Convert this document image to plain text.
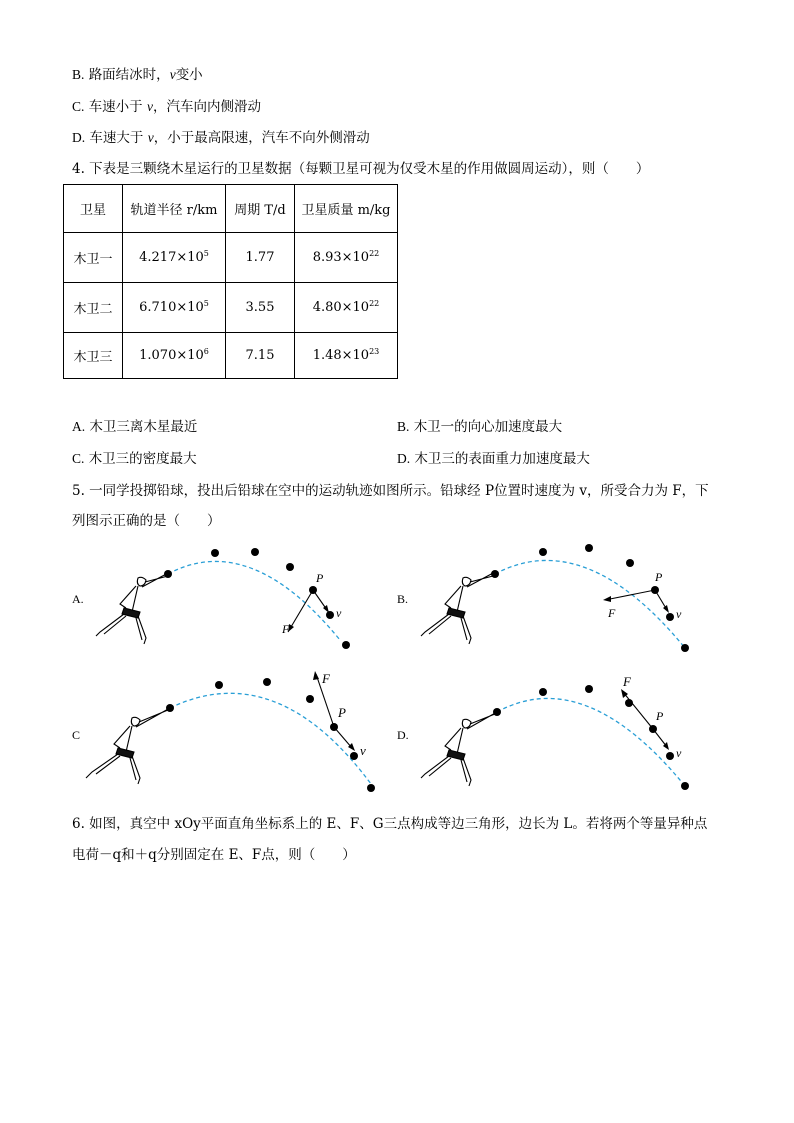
B. 路面结冰时，v变小
C. 车速小于 v，汽车向内侧滑动
D. 车速大于 v，小于最高限速，汽车不向外侧滑动
4. 下表是三颗绕木星运行的卫星数据（每颗卫星可视为仅受木星的作用做圆周运动），则（　　）
卫星	轨道半径 r/km	周期 T/d	卫星质量 m/kg
木卫一	$4.217\times 10^5$	1.77	$8.93\times 10^{22}$
木卫二	$6.710\times 10^5$	3.55	$4.80\times 10^{22}$
木卫三	$1.070\times 10^6$	7.15	$1.48\times 10^{23}$
A. 木卫三离木星最近	B. 木卫一的向心加速度最大
C. 木卫三的密度最大	D. 木卫三的表面重力加速度最大
5. 一同学投掷铅球，投出后铅球在空中的运动轨迹如图所示。铅球经 P位置时速度为 v，所受合力为 F，下
列图示正确的是（　　）
A.
P
v
F
B.
P
v
F
C
P
v
F
D.
P
v
F
6. 如图，真空中 xOy平面直角坐标系上的 E、F、G三点构成等边三角形，边长为 L。若将两个等量异种点
电荷－q和＋q分别固定在 E、F点，则（　　）
